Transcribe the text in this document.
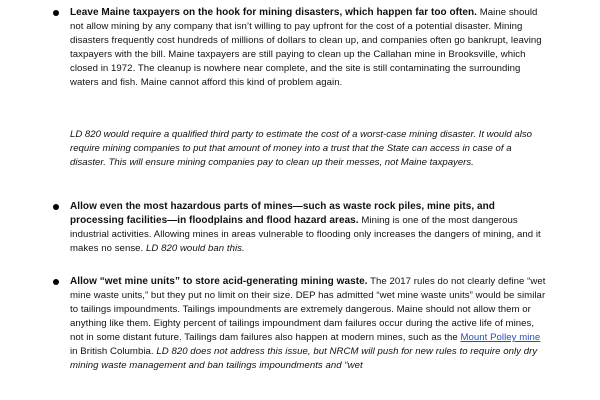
Leave Maine taxpayers on the hook for mining disasters, which happen far too often. Maine should not allow mining by any company that isn’t willing to pay upfront for the cost of a potential disaster. Mining disasters frequently cost hundreds of millions of dollars to clean up, and companies often go bankrupt, leaving taxpayers with the bill. Maine taxpayers are still paying to clean up the Callahan mine in Brooksville, which closed in 1972. The cleanup is nowhere near complete, and the site is still contaminating the surrounding waters and fish. Maine cannot afford this kind of problem again.

LD 820 would require a qualified third party to estimate the cost of a worst-case mining disaster. It would also require mining companies to put that amount of money into a trust that the State can access in case of a disaster. This will ensure mining companies pay to clean up their messes, not Maine taxpayers.

Allow even the most hazardous parts of mines—such as waste rock piles, mine pits, and processing facilities—in floodplains and flood hazard areas. Mining is one of the most dangerous industrial activities. Allowing mines in areas vulnerable to flooding only increases the dangers of mining, and it makes no sense. LD 820 would ban this.

Allow “wet mine units” to store acid-generating mining waste. The 2017 rules do not clearly define “wet mine waste units,” but they put no limit on their size. DEP has admitted “wet mine waste units” would be similar to tailings impoundments. Tailings impoundments are extremely dangerous. Maine should not allow them or anything like them. Eighty percent of tailings impoundment dam failures occur during the active life of mines, not in some distant future. Tailings dam failures also happen at modern mines, such as the Mount Polley mine in British Columbia. LD 820 does not address this issue, but NRCM will push for new rules to require only dry mining waste management and ban tailings impoundments and “wet
